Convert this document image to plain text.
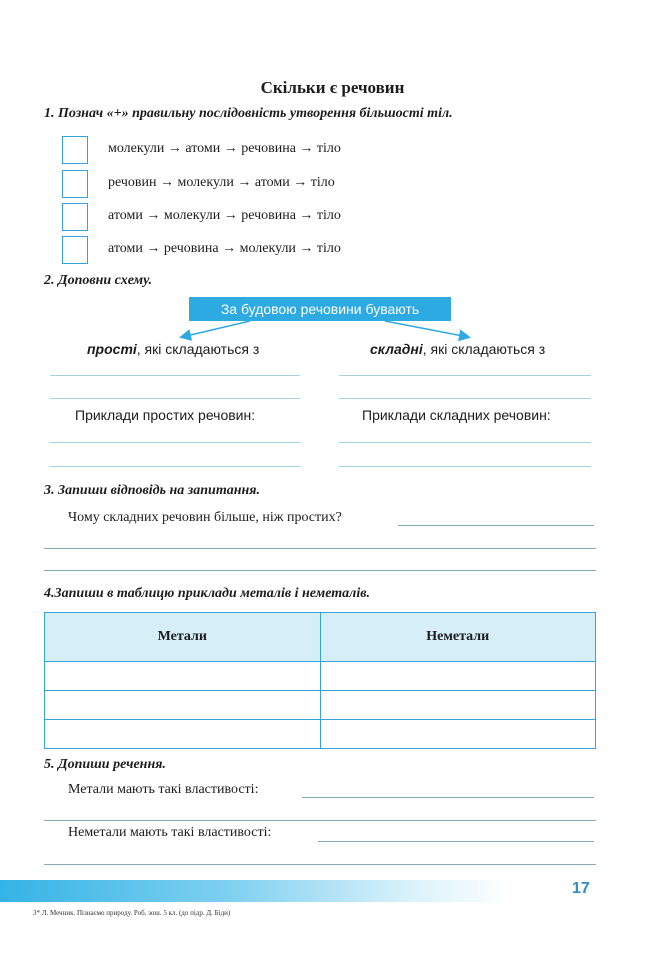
Скільки є речовин
1. Познач «+» правильну послідовність утворення більшості тіл.
молекули → атоми → речовина → тіло
речовин → молекули → атоми → тіло
атоми → молекули → речовина → тіло
атоми → речовина → молекули → тіло
2. Доповни схему.
За будовою речовини бувають
прості, які складаються з	складні, які складаються з
Приклади простих речовин:	Приклади складних речовин:
3. Запиши відповідь на запитання.
Чому складних речовин більше, ніж простих?
4.Запиши в таблицю приклади металів і неметалів.
Метали	Неметали

5. Допиши речення.
Метали мають такі властивості:
Неметали мають такі властивості:
17
3* Л. Мечник. Пізнаємо природу. Роб. зош. 5 кл. (до підр. Д. Біди)
